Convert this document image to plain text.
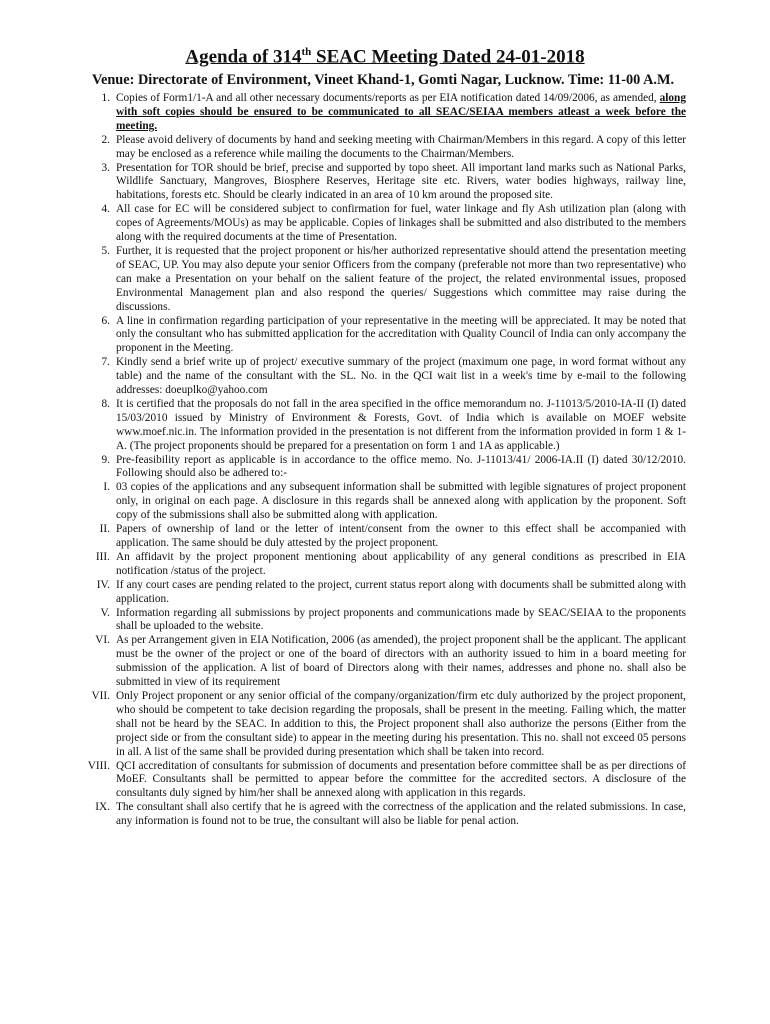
Agenda of 314th SEAC Meeting Dated 24-01-2018

Venue: Directorate of Environment, Vineet Khand-1, Gomti Nagar, Lucknow. Time: 11-00 A.M.

1. Copies of Form1/1-A and all other necessary documents/reports as per EIA notification dated 14/09/2006, as amended, along with soft copies should be ensured to be communicated to all SEAC/SEIAA members atleast a week before the meeting.
2. Please avoid delivery of documents by hand and seeking meeting with Chairman/Members in this regard. A copy of this letter may be enclosed as a reference while mailing the documents to the Chairman/Members.
3. Presentation for TOR should be brief, precise and supported by topo sheet. All important land marks such as National Parks, Wildlife Sanctuary, Mangroves, Biosphere Reserves, Heritage site etc. Rivers, water bodies highways, railway line, habitations, forests etc. Should be clearly indicated in an area of 10 km around the proposed site.
4. All case for EC will be considered subject to confirmation for fuel, water linkage and fly Ash utilization plan (along with copes of Agreements/MOUs) as may be applicable. Copies of linkages shall be submitted and also distributed to the members along with the required documents at the time of Presentation.
5. Further, it is requested that the project proponent or his/her authorized representative should attend the presentation meeting of SEAC, UP. You may also depute your senior Officers from the company (preferable not more than two representative) who can make a Presentation on your behalf on the salient feature of the project, the related environmental issues, proposed Environmental Management plan and also respond the queries/ Suggestions which committee may raise during the discussions.
6. A line in confirmation regarding participation of your representative in the meeting will be appreciated. It may be noted that only the consultant who has submitted application for the accreditation with Quality Council of India can only accompany the proponent in the Meeting.
7. Kindly send a brief write up of project/ executive summary of the project (maximum one page, in word format without any table) and the name of the consultant with the SL. No. in the QCI wait list in a week's time by e-mail to the following addresses: doeuplko@yahoo.com
8. It is certified that the proposals do not fall in the area specified in the office memorandum no. J-11013/5/2010-IA-II (I) dated 15/03/2010 issued by Ministry of Environment & Forests, Govt. of India which is available on MOEF website www.moef.nic.in. The information provided in the presentation is not different from the information provided in form 1 & 1-A. (The project proponents should be prepared for a presentation on form 1 and 1A as applicable.)
9. Pre-feasibility report as applicable is in accordance to the office memo. No. J-11013/41/ 2006-IA.II (I) dated 30/12/2010. Following should also be adhered to:-
I. 03 copies of the applications and any subsequent information shall be submitted with legible signatures of project proponent only, in original on each page. A disclosure in this regards shall be annexed along with application by the proponent. Soft copy of the submissions shall also be submitted along with application.
II. Papers of ownership of land or the letter of intent/consent from the owner to this effect shall be accompanied with application. The same should be duly attested by the project proponent.
III. An affidavit by the project proponent mentioning about applicability of any general conditions as prescribed in EIA notification /status of the project.
IV. If any court cases are pending related to the project, current status report along with documents shall be submitted along with application.
V. Information regarding all submissions by project proponents and communications made by SEAC/SEIAA to the proponents shall be uploaded to the website.
VI. As per Arrangement given in EIA Notification, 2006 (as amended), the project proponent shall be the applicant. The applicant must be the owner of the project or one of the board of directors with an authority issued to him in a board meeting for submission of the application. A list of board of Directors along with their names, addresses and phone no. shall also be submitted in view of its requirement
VII. Only Project proponent or any senior official of the company/organization/firm etc duly authorized by the project proponent, who should be competent to take decision regarding the proposals, shall be present in the meeting. Failing which, the matter shall not be heard by the SEAC. In addition to this, the Project proponent shall also authorize the persons (Either from the project side or from the consultant side) to appear in the meeting during his presentation. This no. shall not exceed 05 persons in all. A list of the same shall be provided during presentation which shall be taken into record.
VIII. QCI accreditation of consultants for submission of documents and presentation before committee shall be as per directions of MoEF. Consultants shall be permitted to appear before the committee for the accredited sectors. A disclosure of the consultants duly signed by him/her shall be annexed along with application in this regards.
IX. The consultant shall also certify that he is agreed with the correctness of the application and the related submissions. In case, any information is found not to be true, the consultant will also be liable for penal action.
